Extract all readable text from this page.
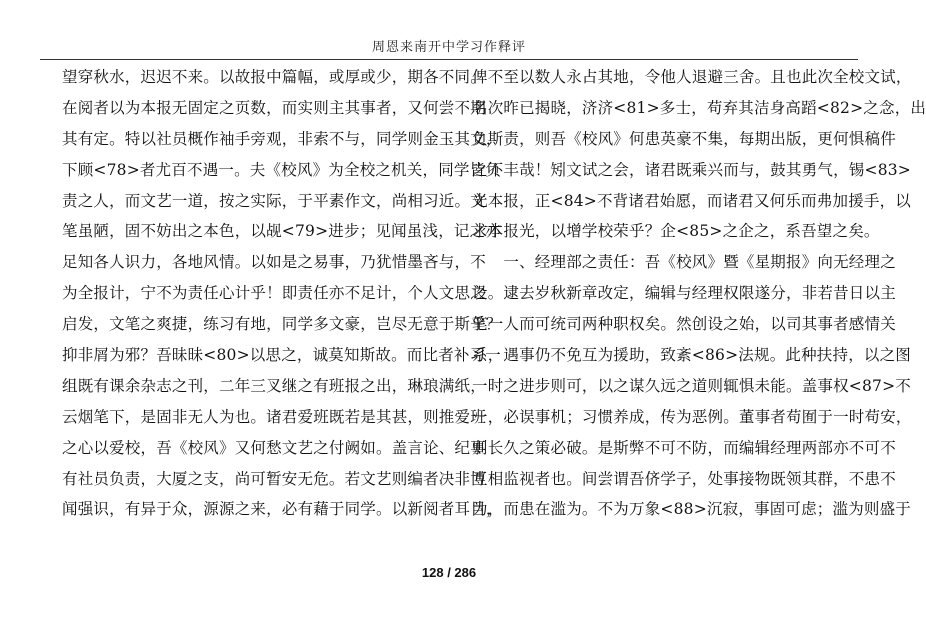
周恩来南开中学习作释评
望穿秋水，迟迟不来。以故报中篇幅，或厚或少，期各不同。
在阅者以为本报无固定之页数，而实则主其事者，又何尝不期
其有定。特以社员概作袖手旁观，非索不与，同学则金玉其文，
下顾<78>者尤百不遇一。夫《校风》为全校之机关，同学皆负
责之人，而文艺一道，按之实际，于平素作文，尚相习近。文
笔虽陋，固不妨出之本色，以觇<79>进步；见闻虽浅，记之亦
足知各人识力，各地风情。以如是之易事，乃犹惜墨吝与，不
为全报计，宁不为责任心计乎！即责任亦不足计，个人文思之
启发，文笔之爽捷，练习有地，同学多文豪，岂尽无意于斯乎？
抑非屑为邪？吾昧昧<80>以思之，诚莫知斯故。而比者补习一
组既有课余杂志之刊，二年三叉继之有班报之出，琳琅满纸，
云烟笔下，是固非无人为也。诸君爱班既若是其甚，则推爱班
之心以爱校，吾《校风》又何愁文艺之付阙如。盖言论、纪事
有社员负责，大厦之支，尚可暂安无危。若文艺则编者决非博
闻强识，有异于众，源源之来，必有藉于同学。以新阅者耳目，
俾不至以数人永占其地，令他人退避三舍。且也此次全校文试，
名次昨已揭晓，济济<81>多士，苟弃其洁身高蹈<82>之念，出
负斯责，则吾《校风》何患英豪不集，每期出版，更何惧稿件
之不丰哉！矧文试之会，诸君既乘兴而与，鼓其勇气，锡<83>
光本报，正<84>不背诸君始愿，而诸君又何乐而弗加援手，以
求本报光，以增学校荣乎？企<85>之企之，系吾望之矣。
　　一、经理部之责任：吾《校风》暨《星期报》向无经理之
设。逮去岁秋新章改定，编辑与经理权限遂分，非若昔日以主
笔一人而可统司两种职权矣。然创设之始，以司其事者感情关
系，遇事仍不免互为援助，致紊<86>法规。此种扶持，以之图
一时之进步则可，以之谋久远之道则辄惧未能。盖事权<87>不
一，必误事机；习惯养成，传为恶例。董事者苟囿于一时苟安，
则长久之策必破。是斯弊不可不防，而编辑经理两部亦不可不
互相监视者也。间尝谓吾侪学子，处事接物既领其群，不患不
为，而患在滥为。不为万象<88>沉寂，事固可虑；滥为则盛于
128 / 286
